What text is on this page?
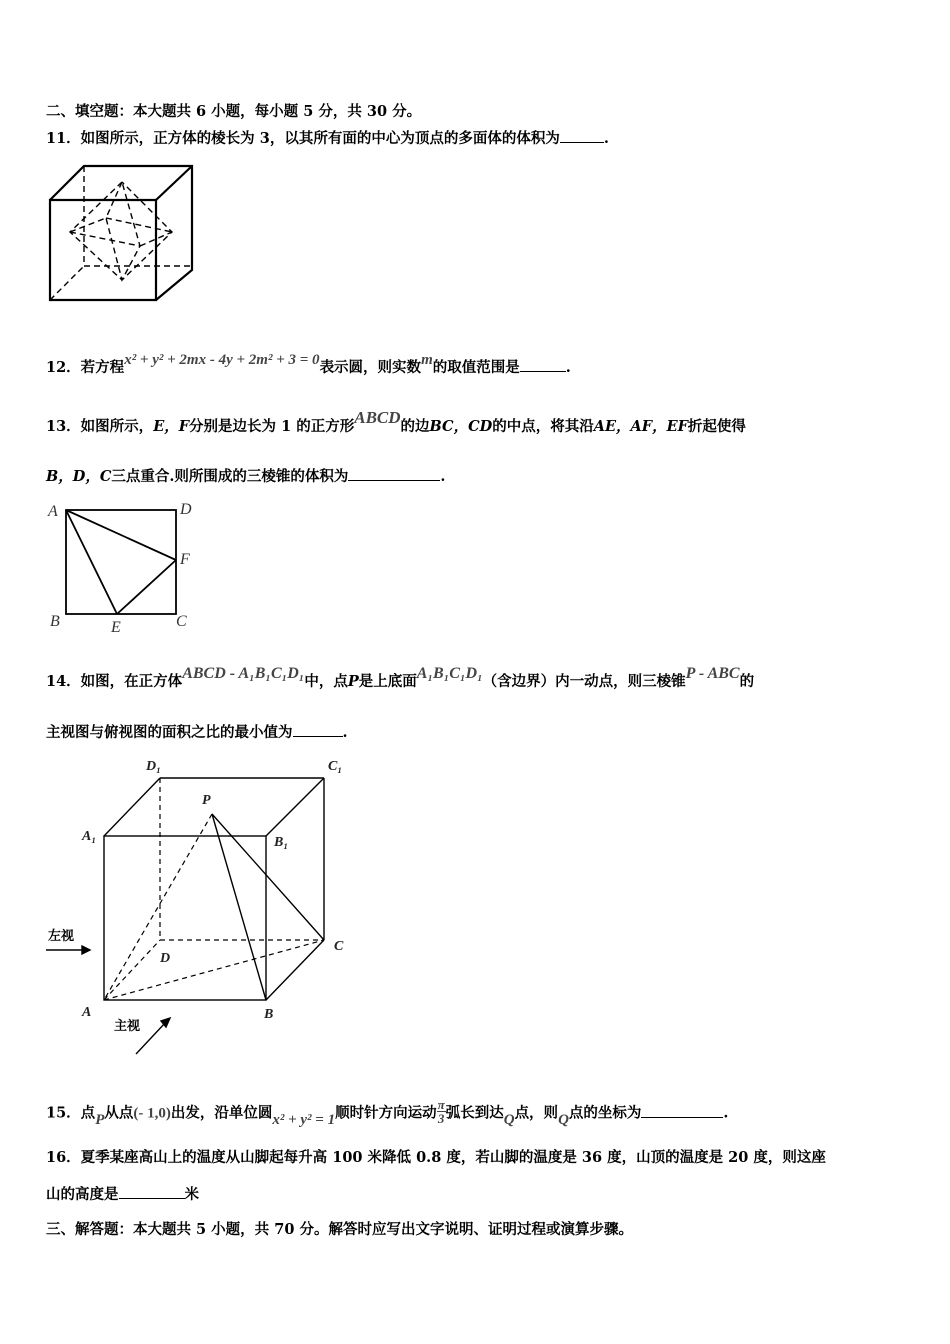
二、填空题：本大题共 6 小题，每小题 5 分，共 30 分。
11．如图所示，正方体的棱长为 3，以其所有面的中心为顶点的多面体的体积为	.
12．若方程x² + y² + 2mx - 4y + 2m² + 3 = 0表示圆，则实数m的取值范围是	.
13．如图所示，E，F分别是边长为 1 的正方形ABCD的边BC，CD的中点，将其沿AE，AF，EF折起使得
B，D，C三点重合.则所围成的三棱锥的体积为	.
A	D
F
B	C
E
14．如图，在正方体ABCD - A₁B₁C₁D₁中，点P是上底面A₁B₁C₁D₁（含边界）内一动点，则三棱锥P - ABC的
主视图与俯视图的面积之比的最小值为	.
D₁	C₁
P
A₁	B₁
C
D
A	B
左视
主视
15．点P从点(- 1,0)出发，沿单位圆x² + y² = 1顺时针方向运动 $\frac{\pi}{3}$ 弧长到达Q点，则Q点的坐标为	.
16．夏季某座高山上的温度从山脚起每升高 100 米降低 0.8 度，若山脚的温度是 36 度，山顶的温度是 20 度，则这座
山的高度是	米
三、解答题：本大题共 5 小题，共 70 分。解答时应写出文字说明、证明过程或演算步骤。
